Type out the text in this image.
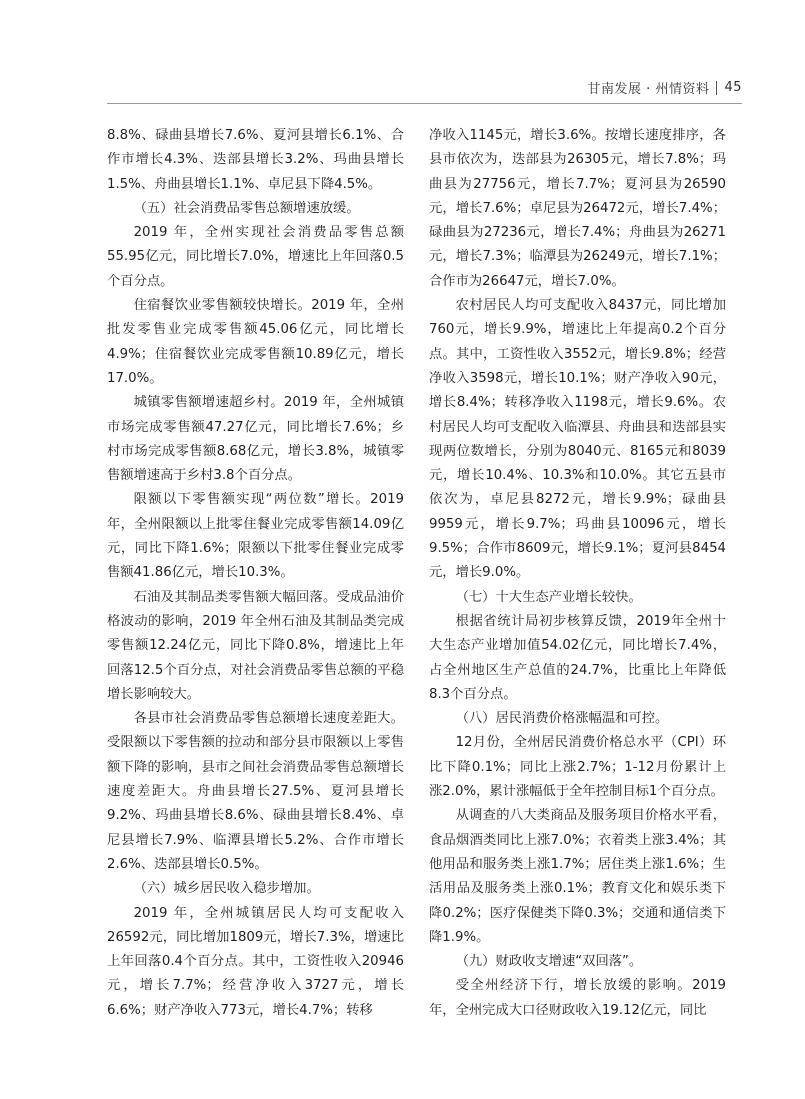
甘南发展 · 州情资料 45

8.8%、碌曲县增长7.6%、夏河县增长6.1%、合作市增长4.3%、迭部县增长3.2%、玛曲县增长1.5%、舟曲县增长1.1%、卓尼县下降4.5%。

（五）社会消费品零售总额增速放缓。

2019 年，全州实现社会消费品零售总额55.95亿元，同比增长7.0%，增速比上年回落0.5个百分点。

住宿餐饮业零售额较快增长。2019 年，全州批发零售业完成零售额45.06亿元，同比增长4.9%；住宿餐饮业完成零售额10.89亿元，增长17.0%。

城镇零售额增速超乡村。2019 年，全州城镇市场完成零售额47.27亿元，同比增长7.6%；乡村市场完成零售额8.68亿元，增长3.8%，城镇零售额增速高于乡村3.8个百分点。

限额以下零售额实现“两位数”增长。2019 年，全州限额以上批零住餐业完成零售额14.09亿元，同比下降1.6%；限额以下批零住餐业完成零售额41.86亿元，增长10.3%。

石油及其制品类零售额大幅回落。受成品油价格波动的影响，2019 年全州石油及其制品类完成零售额12.24亿元，同比下降0.8%，增速比上年回落12.5个百分点，对社会消费品零售总额的平稳增长影响较大。

各县市社会消费品零售总额增长速度差距大。受限额以下零售额的拉动和部分县市限额以上零售额下降的影响，县市之间社会消费品零售总额增长速度差距大。舟曲县增长27.5%、夏河县增长9.2%、玛曲县增长8.6%、碌曲县增长8.4%、卓尼县增长7.9%、临潭县增长5.2%、合作市增长2.6%、迭部县增长0.5%。

（六）城乡居民收入稳步增加。

2019 年，全州城镇居民人均可支配收入26592元，同比增加1809元，增长7.3%，增速比上年回落0.4个百分点。其中，工资性收入20946元，增长7.7%；经营净收入3727元，增长6.6%；财产净收入773元，增长4.7%；转移

净收入1145元，增长3.6%。按增长速度排序，各县市依次为，迭部县为26305元，增长7.8%；玛曲县为27756元，增长7.7%；夏河县为26590元，增长7.6%；卓尼县为26472元，增长7.4%；碌曲县为27236元，增长7.4%；舟曲县为26271元，增长7.3%；临潭县为26249元，增长7.1%；合作市为26647元，增长7.0%。

农村居民人均可支配收入8437元，同比增加760元，增长9.9%，增速比上年提高0.2个百分点。其中，工资性收入3552元，增长9.8%；经营净收入3598元，增长10.1%；财产净收入90元，增长8.4%；转移净收入1198元，增长9.6%。农村居民人均可支配收入临潭县、舟曲县和迭部县实现两位数增长，分别为8040元、8165元和8039元，增长10.4%、10.3%和10.0%。其它五县市依次为，卓尼县8272元，增长9.9%；碌曲县9959元，增长9.7%；玛曲县10096元，增长9.5%；合作市8609元，增长9.1%；夏河县8454元，增长9.0%。

（七）十大生态产业增长较快。

根据省统计局初步核算反馈，2019年全州十大生态产业增加值54.02亿元，同比增长7.4%，占全州地区生产总值的24.7%，比重比上年降低8.3个百分点。

（八）居民消费价格涨幅温和可控。

12月份，全州居民消费价格总水平（CPI）环比下降0.1%；同比上涨2.7%；1-12月份累计上涨2.0%，累计涨幅低于全年控制目标1个百分点。

从调查的八大类商品及服务项目价格水平看，食品烟酒类同比上涨7.0%；衣着类上涨3.4%；其他用品和服务类上涨1.7%；居住类上涨1.6%；生活用品及服务类上涨0.1%；教育文化和娱乐类下降0.2%；医疗保健类下降0.3%；交通和通信类下降1.9%。

（九）财政收支增速“双回落”。

受全州经济下行，增长放缓的影响。2019年，全州完成大口径财政收入19.12亿元，同比
